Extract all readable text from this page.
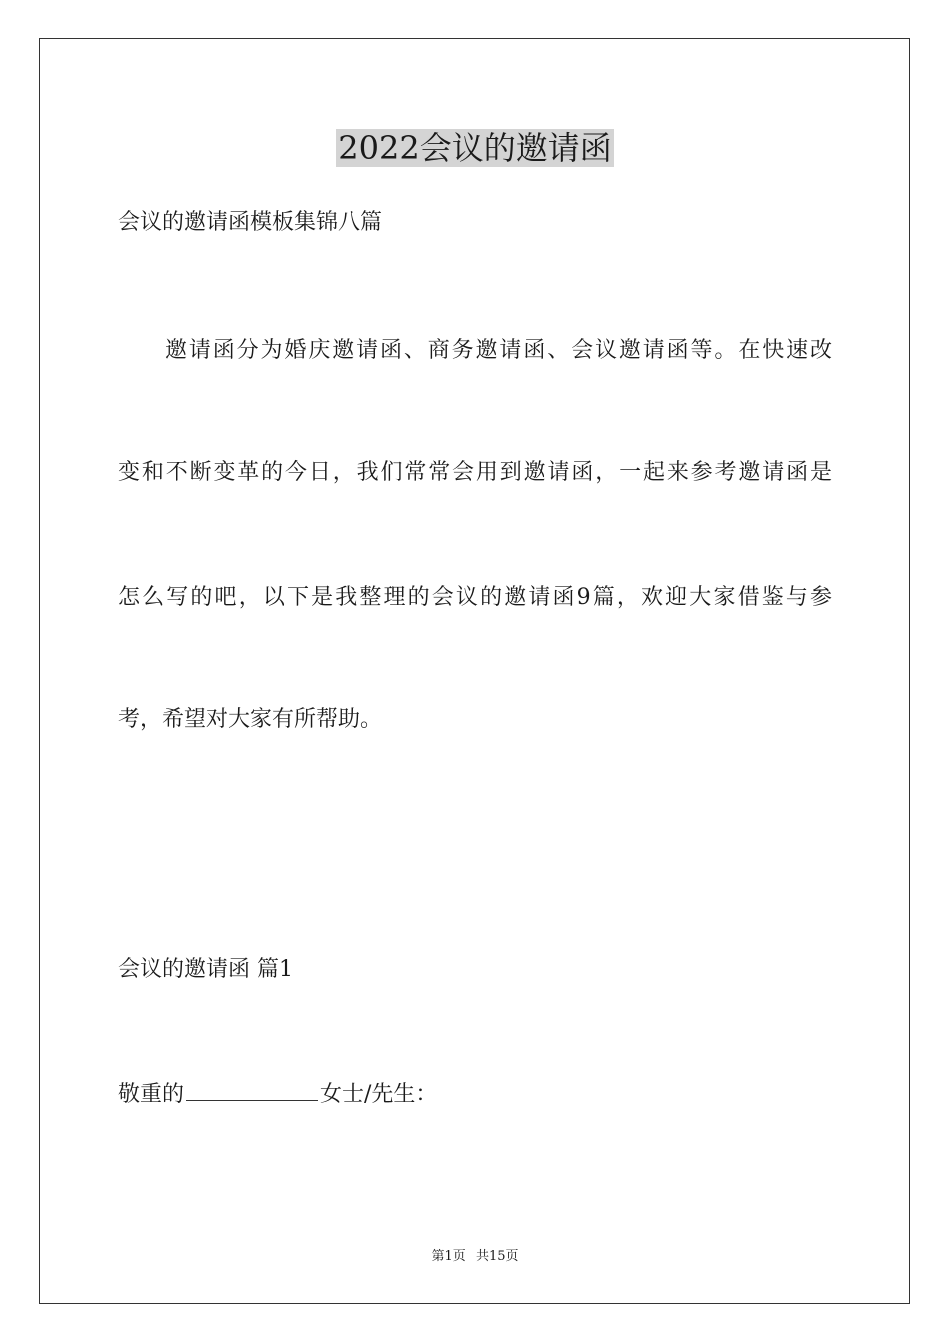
2022会议的邀请函
会议的邀请函模板集锦八篇
邀请函分为婚庆邀请函、商务邀请函、会议邀请函等。在快速改
变和不断变革的今日，我们常常会用到邀请函，一起来参考邀请函是
怎么写的吧，以下是我整理的会议的邀请函9篇，欢迎大家借鉴与参
考，希望对大家有所帮助。
会议的邀请函 篇1
敬重的	女士/先生：
第1页 共15页
